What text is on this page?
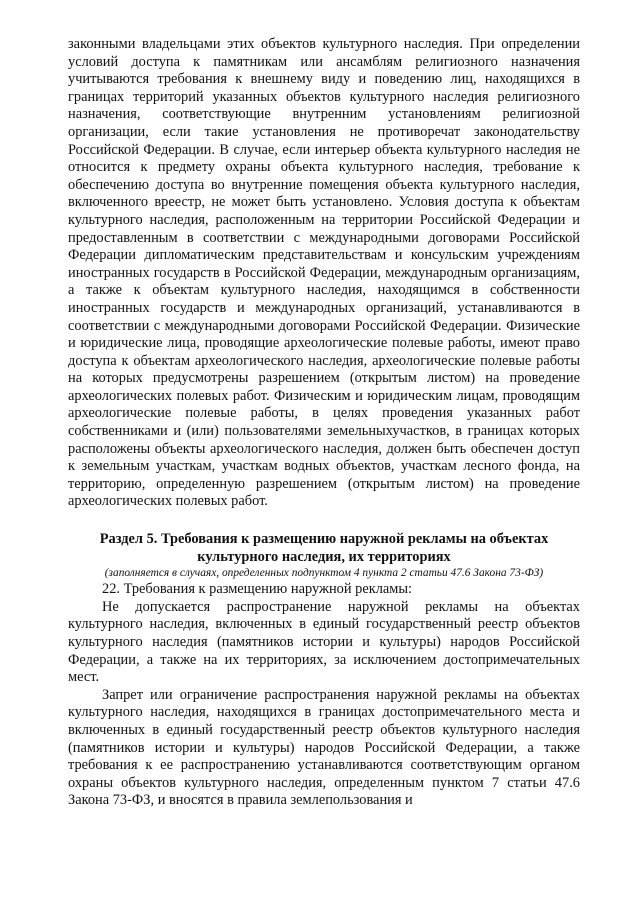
законными владельцами этих объектов культурного наследия. При определении условий доступа к памятникам или ансамблям религиозного назначения учитываются требования к внешнему виду и поведению лиц, находящихся в границах территорий указанных объектов культурного наследия религиозного назначения, соответствующие внутренним установлениям религиозной организации, если такие установления не противоречат законодательству Российской Федерации. В случае, если интерьер объекта культурного наследия не относится к предмету охраны объекта культурного наследия, требование к обеспечению доступа во внутренние помещения объекта культурного наследия, включенного вреестр, не может быть установлено. Условия доступа к объектам культурного наследия, расположенным на территории Российской Федерации и предоставленным в соответствии с международными договорами Российской Федерации дипломатическим представительствам и консульским учреждениям иностранных государств в Российской Федерации, международным организациям, а также к объектам культурного наследия, находящимся в собственности иностранных государств и международных организаций, устанавливаются в соответствии с международными договорами Российской Федерации. Физические и юридические лица, проводящие археологические полевые работы, имеют право доступа к объектам археологического наследия, археологические полевые работы на которых предусмотрены разрешением (открытым листом) на проведение археологических полевых работ. Физическим и юридическим лицам, проводящим археологические полевые работы, в целях проведения указанных работ собственниками и (или) пользователями земельныхучастков, в границах которых расположены объекты археологического наследия, должен быть обеспечен доступ к земельным участкам, участкам водных объектов, участкам лесного фонда, на территорию, определенную разрешением (открытым листом) на проведение археологических полевых работ.

Раздел 5. Требования к размещению наружной рекламы на объектах культурного наследия, их территориях

(заполняется в случаях, определенных подпунктом 4 пункта 2 статьи 47.6 Закона 73-ФЗ)

22. Требования к размещению наружной рекламы:

Не допускается распространение наружной рекламы на объектах культурного наследия, включенных в единый государственный реестр объектов культурного наследия (памятников истории и культуры) народов Российской Федерации, а также на их территориях, за исключением достопримечательных мест.

Запрет или ограничение распространения наружной рекламы на объектах культурного наследия, находящихся в границах достопримечательного места и включенных в единый государственный реестр объектов культурного наследия (памятников истории и культуры) народов Российской Федерации, а также требования к ее распространению устанавливаются соответствующим органом охраны объектов культурного наследия, определенным пунктом 7 статьи 47.6 Закона 73-ФЗ, и вносятся в правила землепользования и
